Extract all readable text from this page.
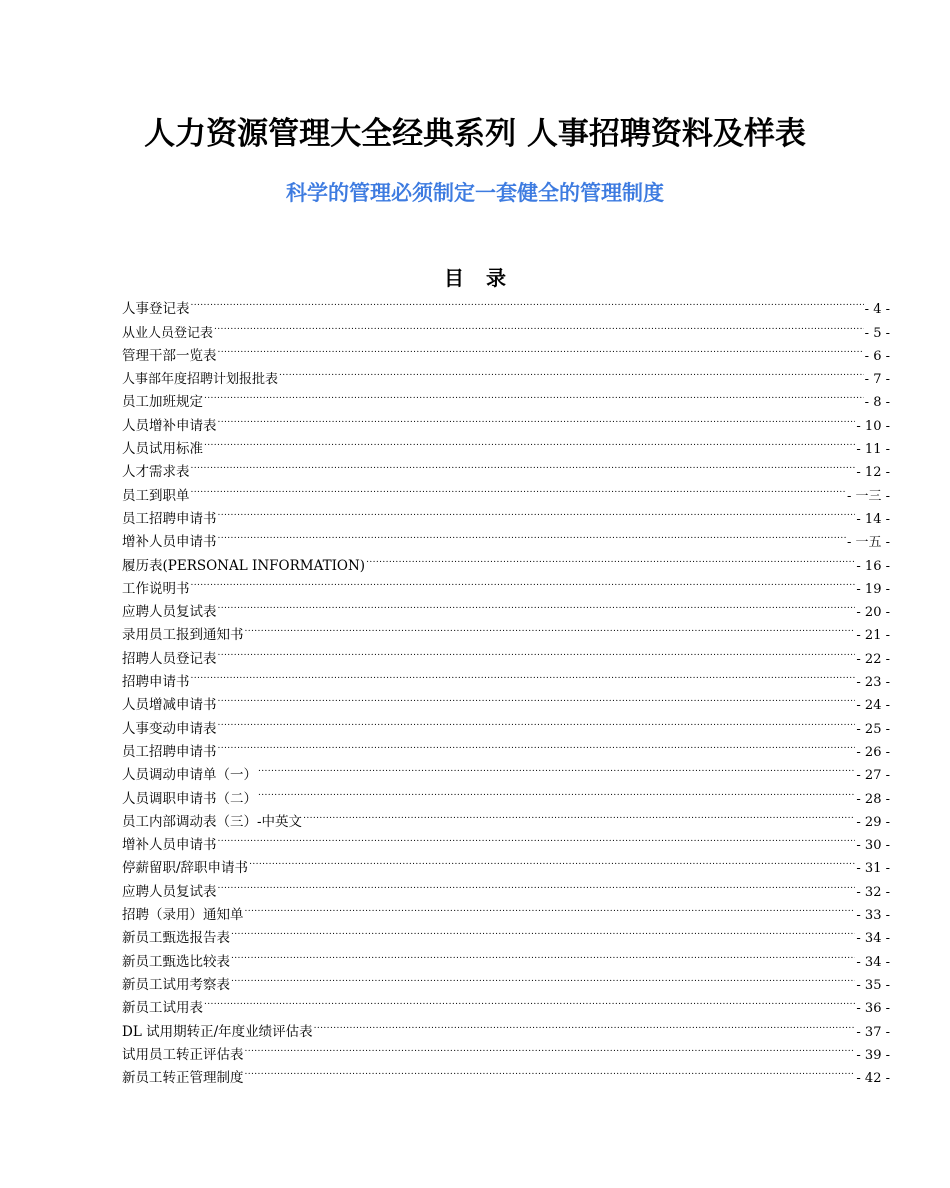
人力资源管理大全经典系列 人事招聘资料及样表
科学的管理必须制定一套健全的管理制度
目录
人事登记表 .....	- 4 -
从业人员登记表 .....	- 5 -
管理干部一览表 .....	- 6 -
人事部年度招聘计划报批表 .....	- 7 -
员工加班规定 .....	- 8 -
人员增补申请表 .....	- 10 -
人员试用标准 .....	- 11 -
人才需求表 .....	- 12 -
员工到职单 .....	- 一三 -
员工招聘申请书 .....	- 14 -
增补人员申请书 .....	- 一五 -
履历表(PERSONAL INFORMATION) .....	- 16 -
工作说明书 .....	- 19 -
应聘人员复试表 .....	- 20 -
录用员工报到通知书 .....	- 21 -
招聘人员登记表 .....	- 22 -
招聘申请书 .....	- 23 -
人员增减申请书 .....	- 24 -
人事变动申请表 .....	- 25 -
员工招聘申请书 .....	- 26 -
人员调动申请单（一） .....	- 27 -
人员调职申请书（二） .....	- 28 -
员工内部调动表（三）-中英文 .....	- 29 -
增补人员申请书 .....	- 30 -
停薪留职/辞职申请书 .....	- 31 -
应聘人员复试表 .....	- 32 -
招聘（录用）通知单 .....	- 33 -
新员工甄选报告表 .....	- 34 -
新员工甄选比较表 .....	- 34 -
新员工试用考察表 .....	- 35 -
新员工试用表 .....	- 36 -
DL 试用期转正/年度业绩评估表 .....	- 37 -
试用员工转正评估表 .....	- 39 -
新员工转正管理制度 .....	- 42 -
